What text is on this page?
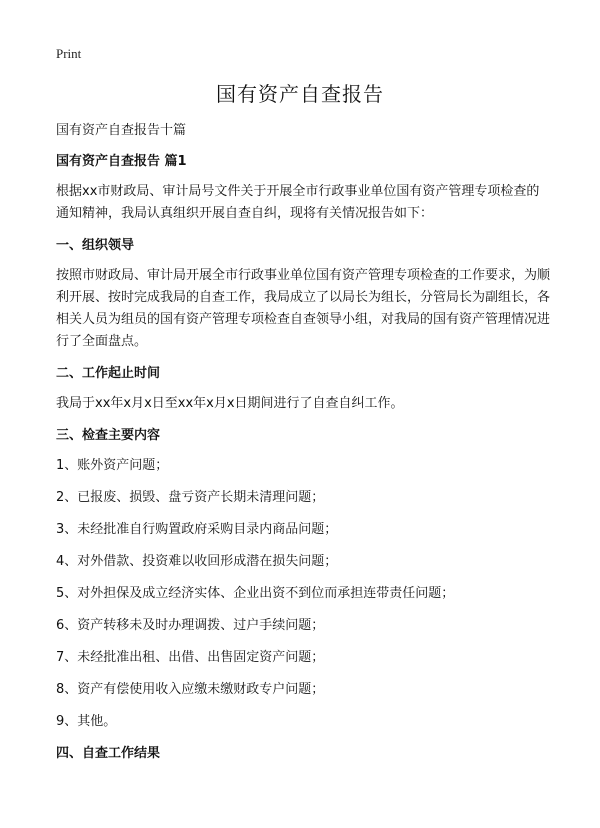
Print
国有资产自查报告

国有资产自查报告十篇

国有资产自查报告 篇1

根据xx市财政局、审计局号文件关于开展全市行政事业单位国有资产管理专项检查的通知精神，我局认真组织开展自查自纠，现将有关情况报告如下：

一、组织领导

按照市财政局、审计局开展全市行政事业单位国有资产管理专项检查的工作要求，为顺利开展、按时完成我局的自查工作，我局成立了以局长为组长，分管局长为副组长，各相关人员为组员的国有资产管理专项检查自查领导小组，对我局的国有资产管理情况进行了全面盘点。

二、工作起止时间

我局于xx年x月x日至xx年x月x日期间进行了自查自纠工作。

三、检查主要内容

1、账外资产问题；

2、已报废、损毁、盘亏资产长期未清理问题；

3、未经批准自行购置政府采购目录内商品问题；

4、对外借款、投资难以收回形成潜在损失问题；

5、对外担保及成立经济实体、企业出资不到位而承担连带责任问题；

6、资产转移未及时办理调拨、过户手续问题；

7、未经批准出租、出借、出售固定资产问题；

8、资产有偿使用收入应缴未缴财政专户问题；

9、其他。

四、自查工作结果
